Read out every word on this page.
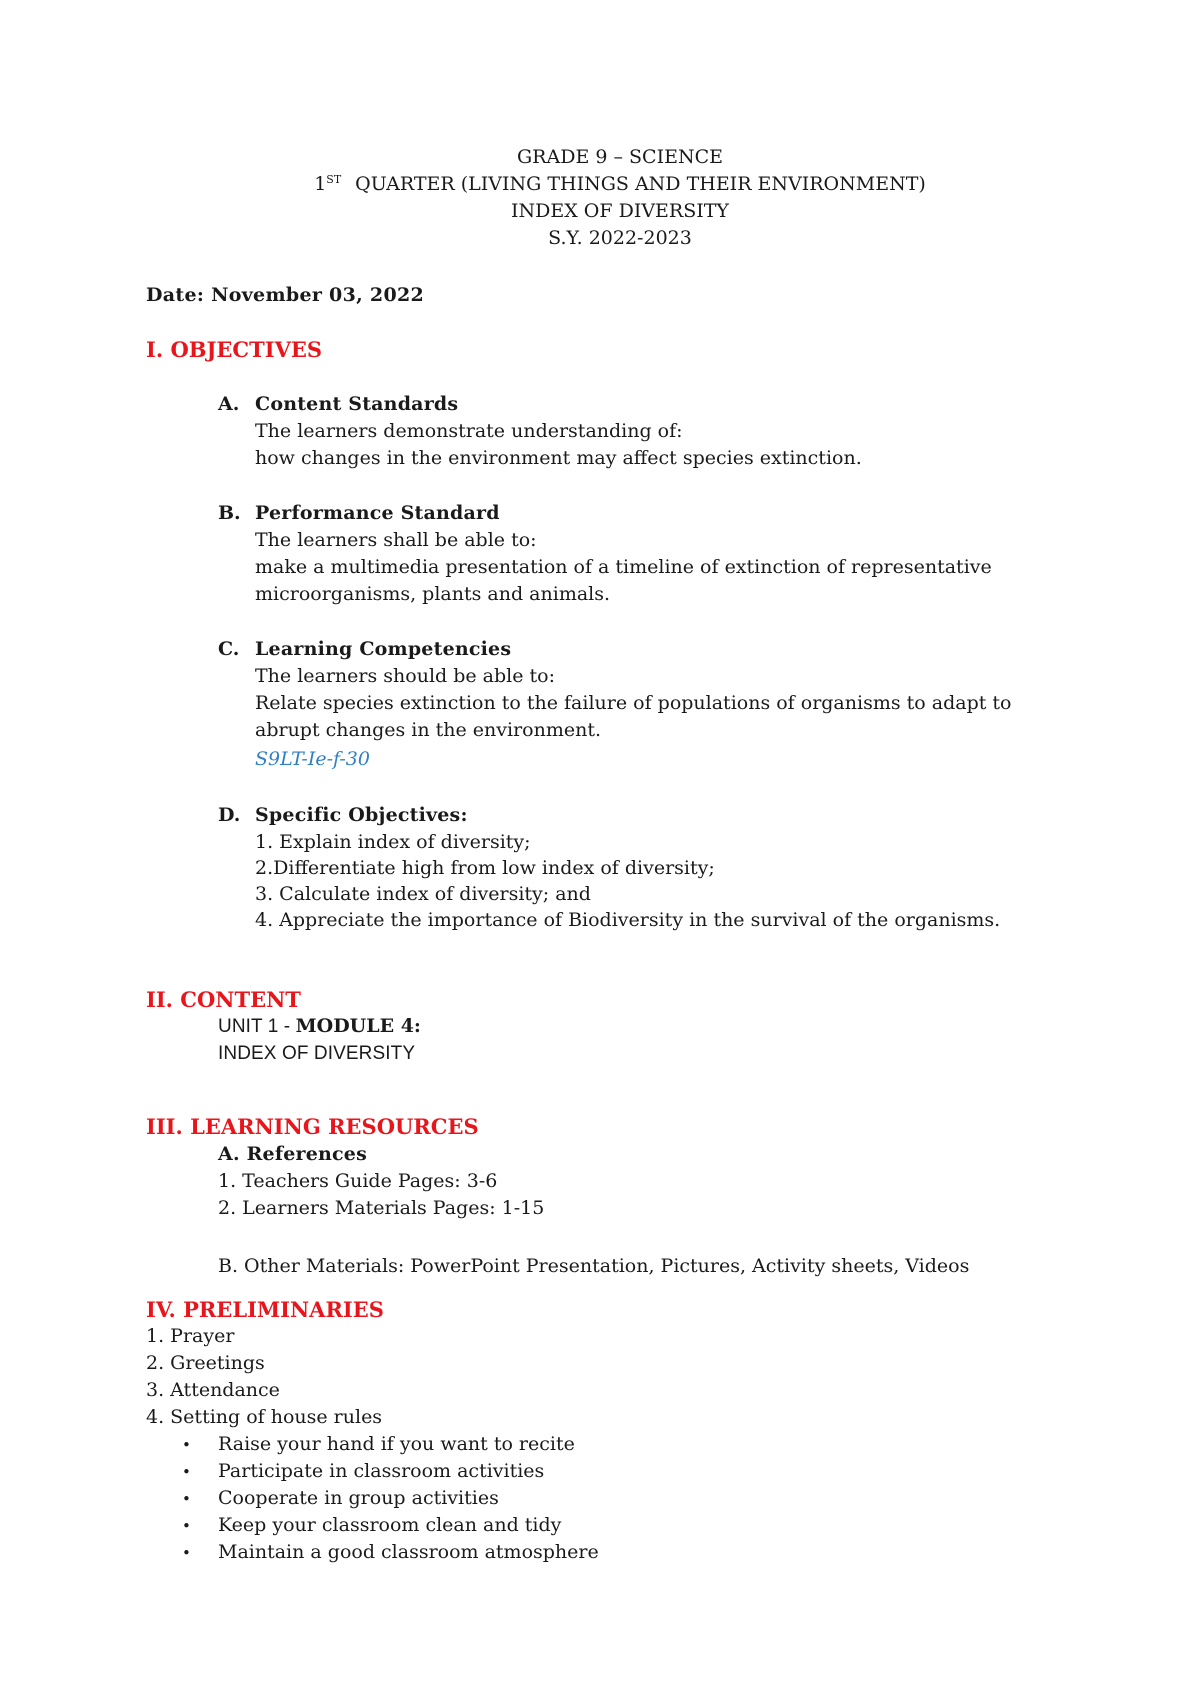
GRADE 9 – SCIENCE
1ST QUARTER (LIVING THINGS AND THEIR ENVIRONMENT)
INDEX OF DIVERSITY
S.Y. 2022-2023
Date: November 03, 2022
I. OBJECTIVES
A. Content Standards
The learners demonstrate understanding of:
how changes in the environment may affect species extinction.
B. Performance Standard
The learners shall be able to:
make a multimedia presentation of a timeline of extinction of representative
microorganisms, plants and animals.
C. Learning Competencies
The learners should be able to:
Relate species extinction to the failure of populations of organisms to adapt to
abrupt changes in the environment.
S9LT-Ie-f-30
D. Specific Objectives:
1. Explain index of diversity;
2.Differentiate high from low index of diversity;
3. Calculate index of diversity; and
4. Appreciate the importance of Biodiversity in the survival of the organisms.
II. CONTENT
UNIT 1 - MODULE 4:
INDEX OF DIVERSITY
III. LEARNING RESOURCES
A. References
1. Teachers Guide Pages: 3-6
2. Learners Materials Pages: 1-15
B. Other Materials: PowerPoint Presentation, Pictures, Activity sheets, Videos
IV. PRELIMINARIES
1. Prayer
2. Greetings
3. Attendance
4. Setting of house rules
• Raise your hand if you want to recite
• Participate in classroom activities
• Cooperate in group activities
• Keep your classroom clean and tidy
• Maintain a good classroom atmosphere
